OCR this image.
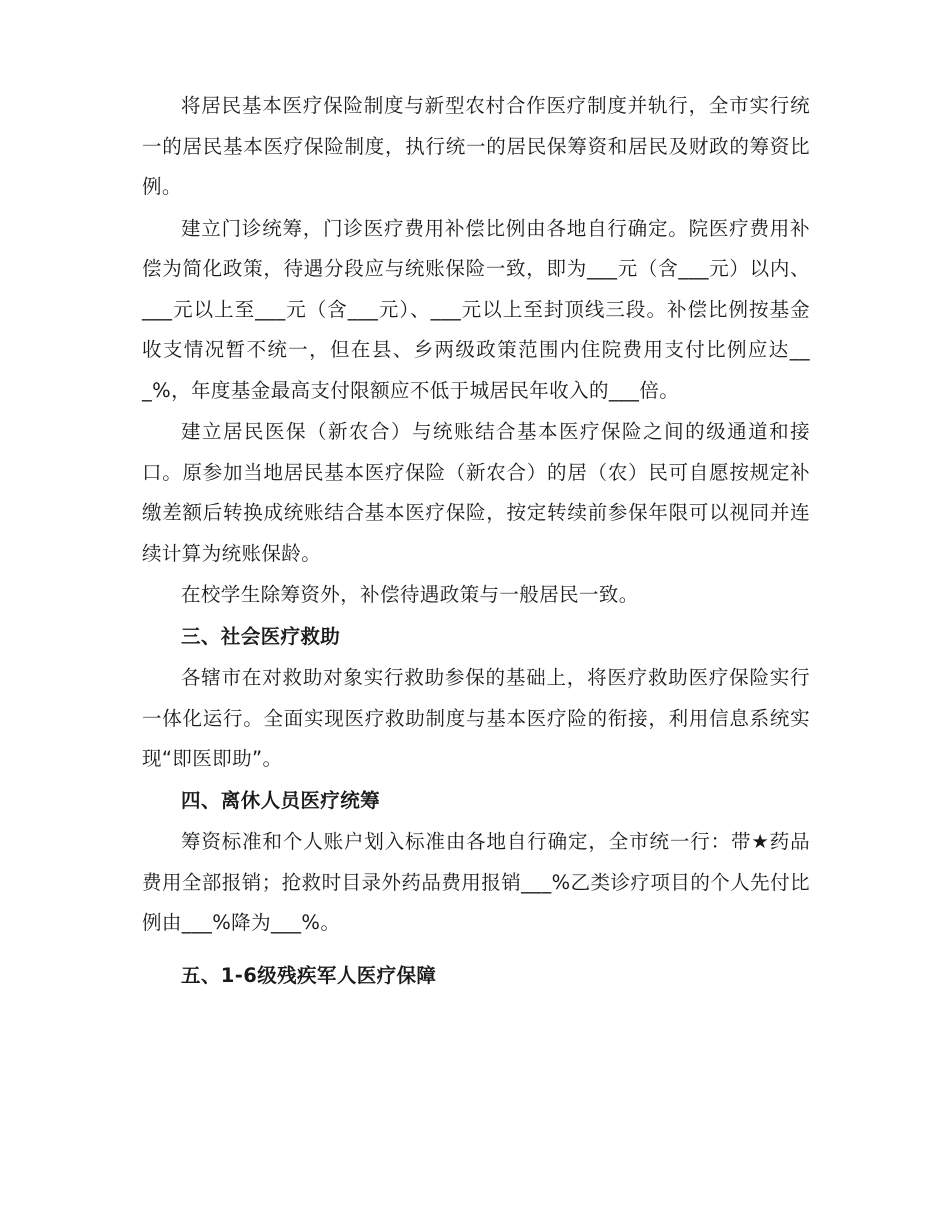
将居民基本医疗保险制度与新型农村合作医疗制度并轨行，全市实行统一的居民基本医疗保险制度，执行统一的居民保筹资和居民及财政的筹资比例。

建立门诊统筹，门诊医疗费用补偿比例由各地自行确定。院医疗费用补偿为简化政策，待遇分段应与统账保险一致，即为___元（含___元）以内、___元以上至___元（含___元）、___元以上至封顶线三段。补偿比例按基金收支情况暂不统一，但在县、乡两级政策范围内住院费用支付比例应达___%，年度基金最高支付限额应不低于城居民年收入的___倍。

建立居民医保（新农合）与统账结合基本医疗保险之间的级通道和接口。原参加当地居民基本医疗保险（新农合）的居（农）民可自愿按规定补缴差额后转换成统账结合基本医疗保险，按定转续前参保年限可以视同并连续计算为统账保龄。

在校学生除筹资外，补偿待遇政策与一般居民一致。

三、社会医疗救助

各辖市在对救助对象实行救助参保的基础上，将医疗救助医疗保险实行一体化运行。全面实现医疗救助制度与基本医疗险的衔接，利用信息系统实现“即医即助”。

四、离休人员医疗统筹

筹资标准和个人账户划入标准由各地自行确定，全市统一行：带★药品费用全部报销；抢救时目录外药品费用报销___%乙类诊疗项目的个人先付比例由___%降为___%。

五、1-6级残疾军人医疗保障
